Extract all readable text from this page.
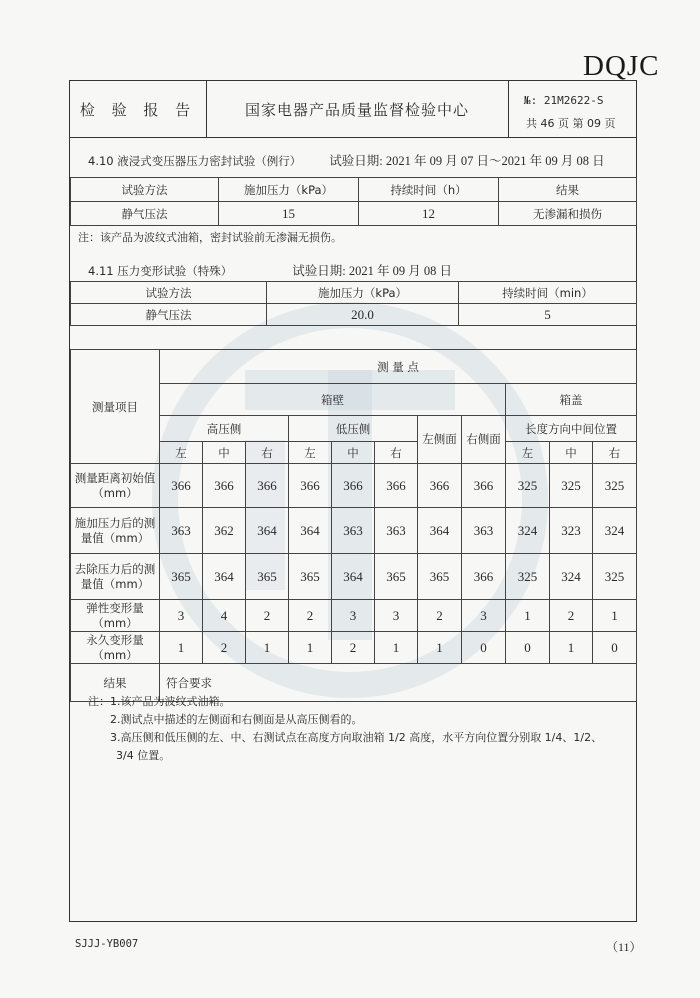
DQJC
检 验 报 告	国家电器产品质量监督检验中心	№: 21M2622-S
共 46 页 第 09 页
4.10 液浸式变压器压力密封试验（例行） 试验日期: 2021 年 09 月 07 日～2021 年 09 月 08 日
试验方法	施加压力（kPa）	持续时间（h）	结果
静气压法	15	12	无渗漏和损伤
注：该产品为波纹式油箱，密封试验前无渗漏无损伤。
4.11 压力变形试验（特殊）	试验日期: 2021 年 09 月 08 日
试验方法	施加压力（kPa）	持续时间（min）
静气压法	20.0	5
测量项目	测 量 点										
	箱壁								箱盖		
	高压侧			低压侧			左侧面	右侧面	长度方向中间位置		
	左	中	右	左	中	右			左	中	右
测量距离初始值（mm）	366	366	366	366	366	366	366	366	325	325	325
施加压力后的测量值（mm）	363	362	364	364	363	363	364	363	324	323	324
去除压力后的测量值（mm）	365	364	365	365	364	365	365	366	325	324	325
弹性变形量（mm）	3	4	2	2	3	3	2	3	1	2	1
永久变形量（mm）	1	2	1	1	2	1	1	0	0	1	0
结果	符合要求										
注：1.该产品为波纹式油箱。
2.测试点中描述的左侧面和右侧面是从高压侧看的。
3.高压侧和低压侧的左、中、右测试点在高度方向取油箱 1/2 高度，水平方向位置分别取 1/4、1/2、
3/4 位置。
SJJJ-YB007	（11）
